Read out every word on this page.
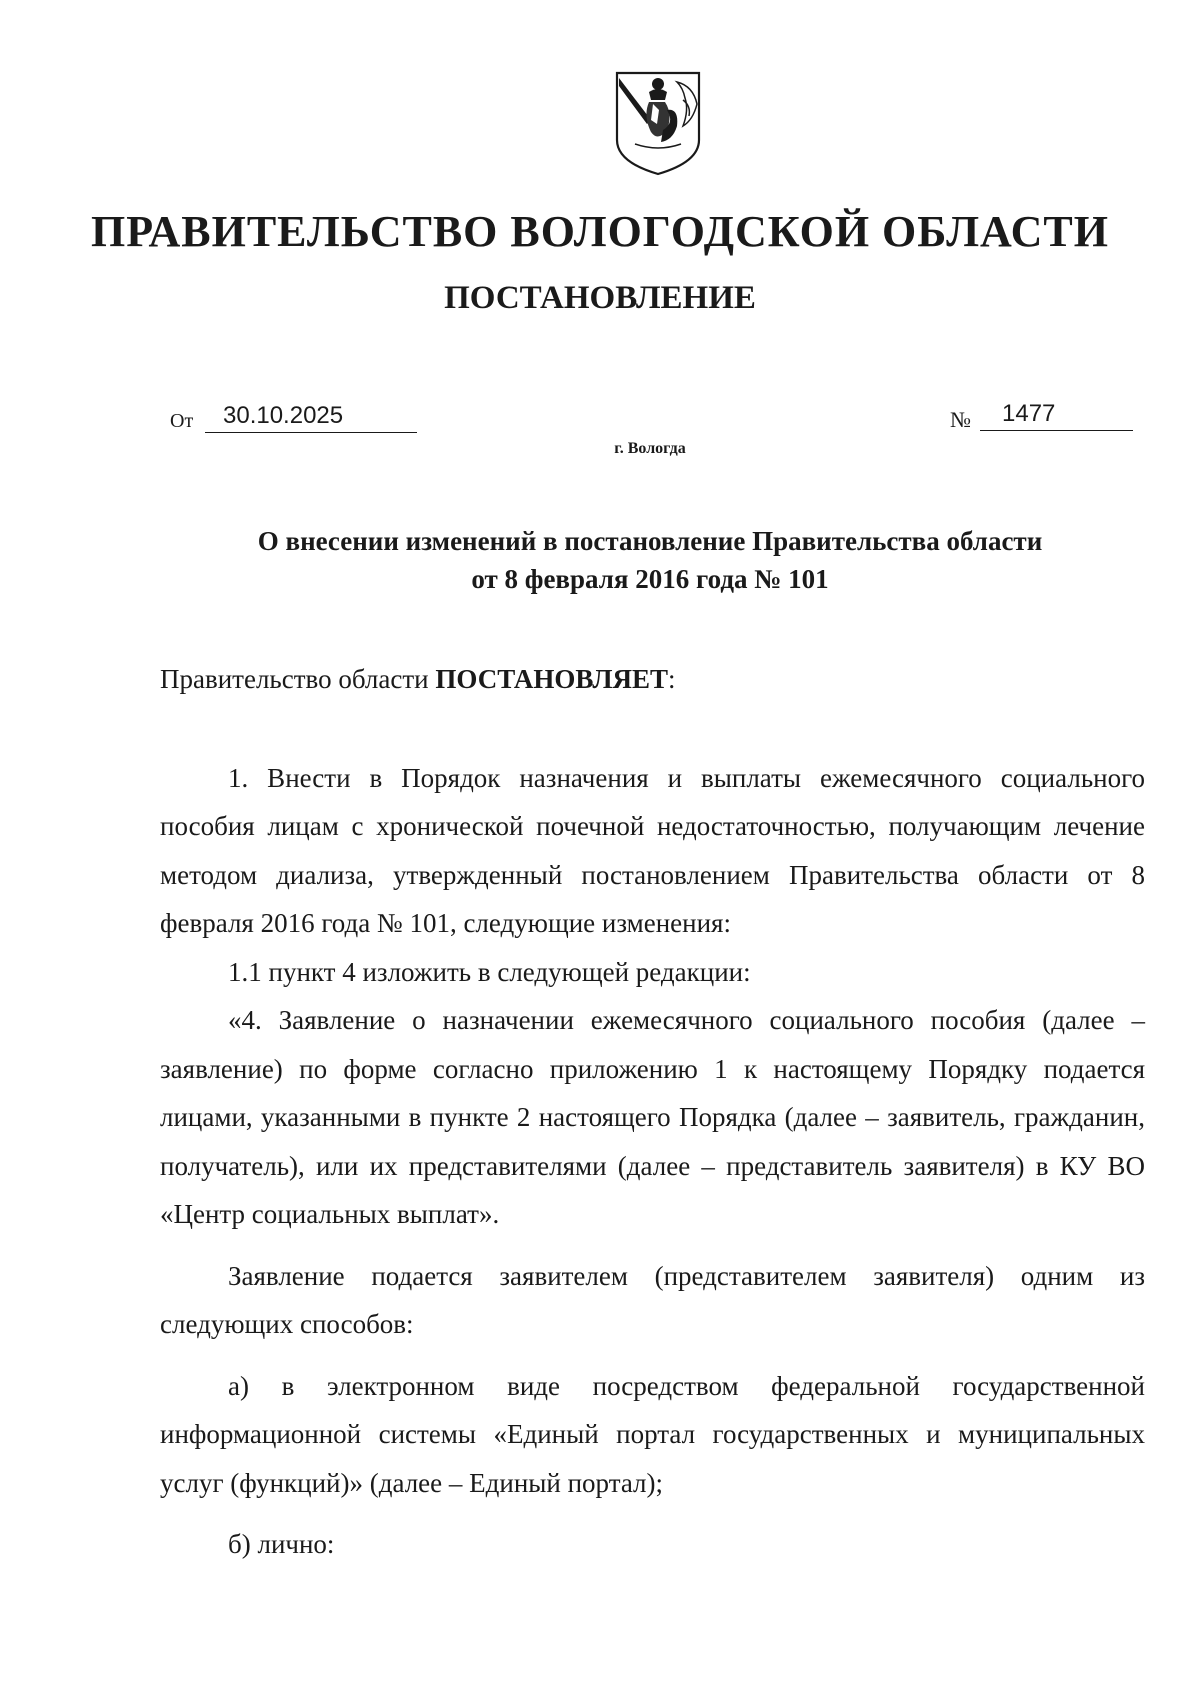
ПРАВИТЕЛЬСТВО ВОЛОГОДСКОЙ ОБЛАСТИ
ПОСТАНОВЛЕНИЕ
От	30.10.2025	№	1477
г. Вологда
О внесении изменений в постановление Правительства области
от 8 февраля 2016 года № 101

Правительство области ПОСТАНОВЛЯЕТ:

1. Внести в Порядок назначения и выплаты ежемесячного социального пособия лицам с хронической почечной недостаточностью, получающим лечение методом диализа, утвержденный постановлением Правительства области от 8 февраля 2016 года № 101, следующие изменения:

1.1 пункт 4 изложить в следующей редакции:

«4. Заявление о назначении ежемесячного социального пособия (далее – заявление) по форме согласно приложению 1 к настоящему Порядку подается лицами, указанными в пункте 2 настоящего Порядка (далее – заявитель, гражданин, получатель), или их представителями (далее – представитель заявителя) в КУ ВО «Центр социальных выплат».

Заявление подается заявителем (представителем заявителя) одним из следующих способов:

а) в электронном виде посредством федеральной государственной информационной системы «Единый портал государственных и муниципальных услуг (функций)» (далее – Единый портал);

б) лично:
